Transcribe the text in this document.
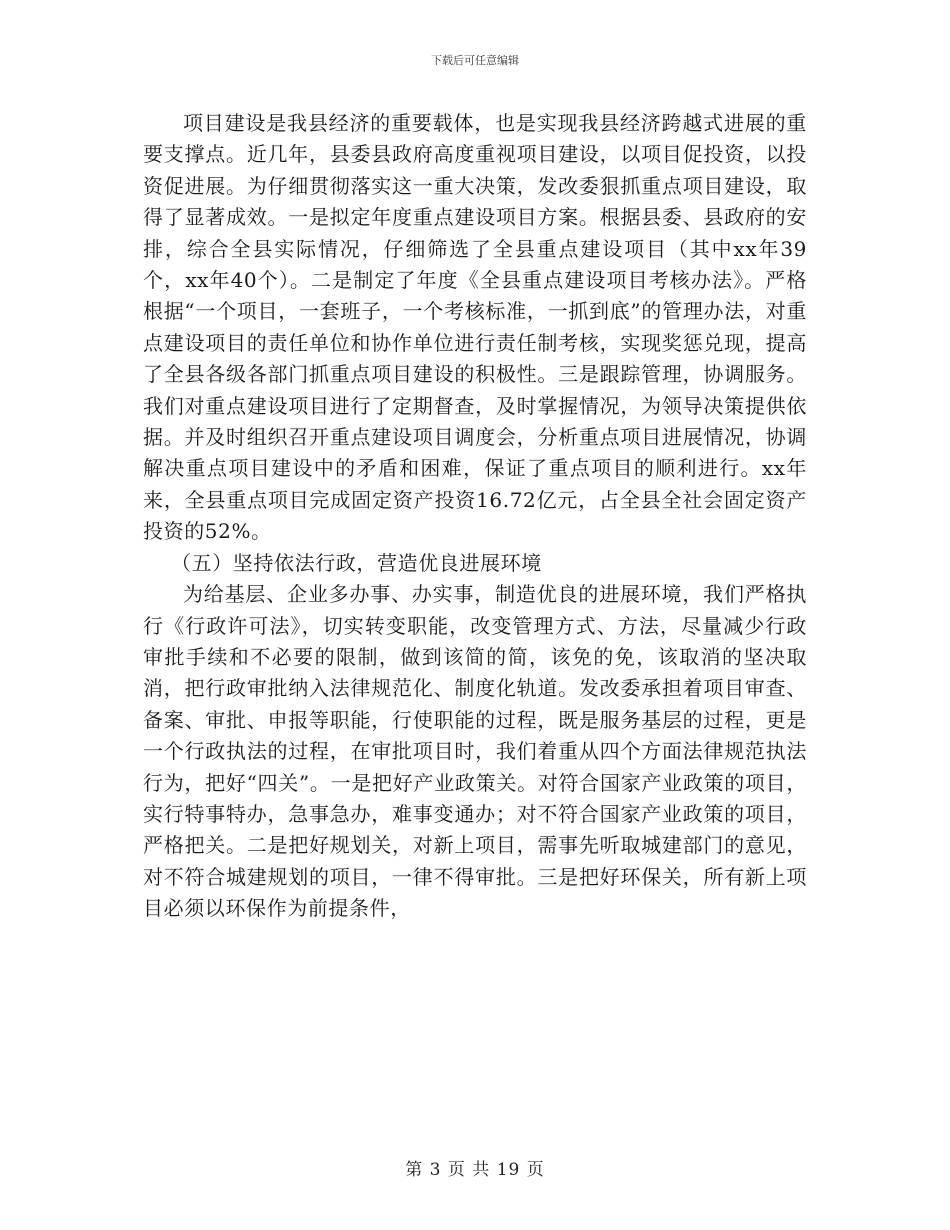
下载后可任意编辑

项目建设是我县经济的重要载体，也是实现我县经济跨越式进展的重要支撑点。近几年，县委县政府高度重视项目建设，以项目促投资，以投资促进展。为仔细贯彻落实这一重大决策，发改委狠抓重点项目建设，取得了显著成效。一是拟定年度重点建设项目方案。根据县委、县政府的安排，综合全县实际情况，仔细筛选了全县重点建设项目（其中xx年39个，xx年40个）。二是制定了年度《全县重点建设项目考核办法》。严格根据“一个项目，一套班子，一个考核标准，一抓到底”的管理办法，对重点建设项目的责任单位和协作单位进行责任制考核，实现奖惩兑现，提高了全县各级各部门抓重点项目建设的积极性。三是跟踪管理，协调服务。我们对重点建设项目进行了定期督查，及时掌握情况，为领导决策提供依据。并及时组织召开重点建设项目调度会，分析重点项目进展情况，协调解决重点项目建设中的矛盾和困难，保证了重点项目的顺利进行。xx年来，全县重点项目完成固定资产投资16.72亿元，占全县全社会固定资产投资的52%。

（五）坚持依法行政，营造优良进展环境

为给基层、企业多办事、办实事，制造优良的进展环境，我们严格执行《行政许可法》，切实转变职能，改变管理方式、方法，尽量减少行政审批手续和不必要的限制，做到该简的简，该免的免，该取消的坚决取消，把行政审批纳入法律规范化、制度化轨道。发改委承担着项目审查、备案、审批、申报等职能，行使职能的过程，既是服务基层的过程，更是一个行政执法的过程，在审批项目时，我们着重从四个方面法律规范执法行为，把好“四关”。一是把好产业政策关。对符合国家产业政策的项目，实行特事特办，急事急办，难事变通办；对不符合国家产业政策的项目，严格把关。二是把好规划关，对新上项目，需事先听取城建部门的意见，对不符合城建规划的项目，一律不得审批。三是把好环保关，所有新上项目必须以环保作为前提条件，

第 3 页 共 19 页
